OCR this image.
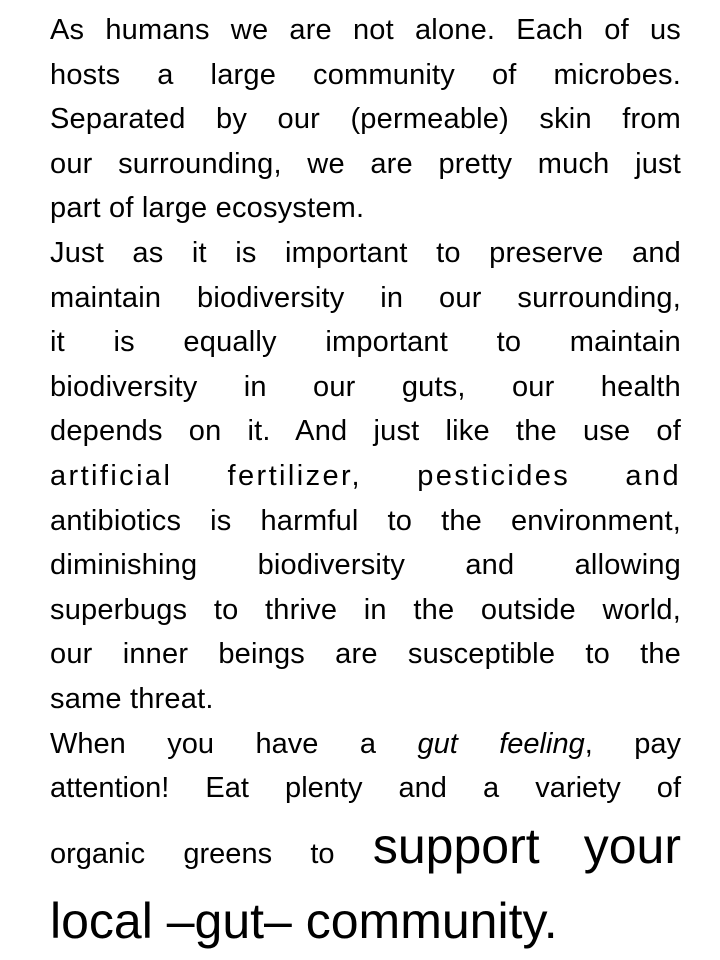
As humans we are not alone. Each of us
hosts a large community of microbes.
Separated by our (permeable) skin from
our surrounding, we are pretty much just
part of large ecosystem.

Just as it is important to preserve and
maintain biodiversity in our surrounding,
it is equally important to maintain
biodiversity in our guts, our health
depends on it. And just like the use of
artificial fertilizer, pesticides and
antibiotics is harmful to the environment,
diminishing biodiversity and allowing
superbugs to thrive in the outside world,
our inner beings are susceptible to the
same threat.

When you have a gut feeling, pay
attention! Eat plenty and a variety of
organic greens to support your
local –gut– community.
